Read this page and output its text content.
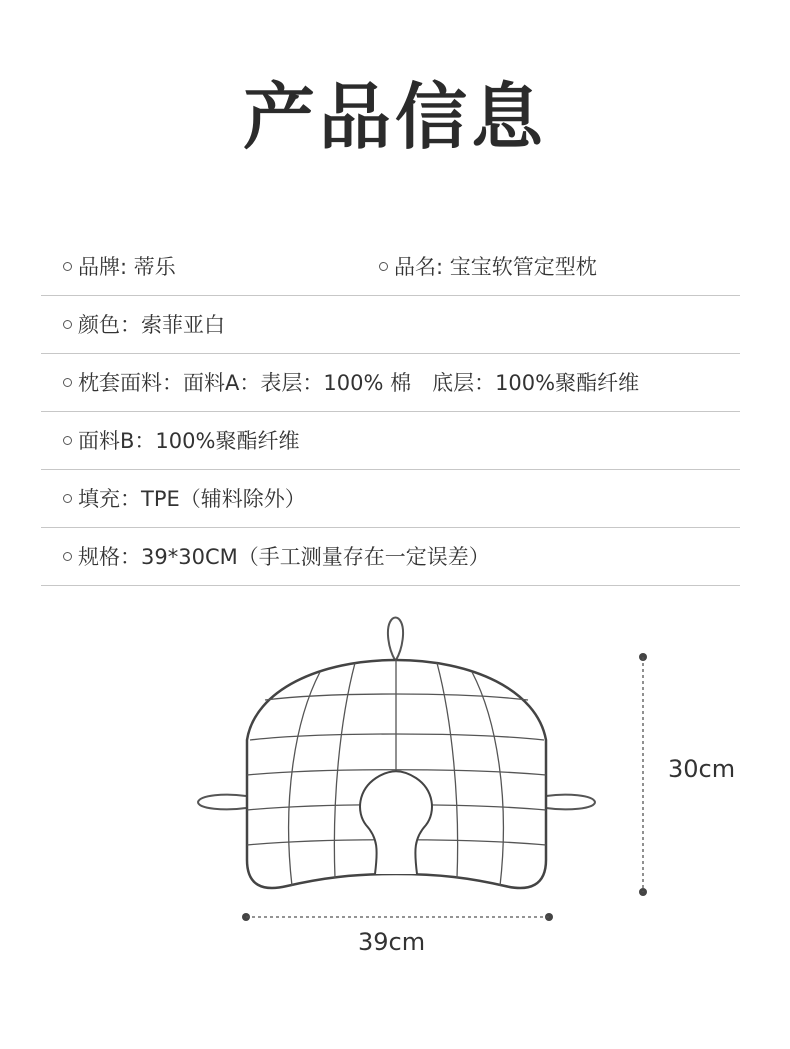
产品信息
品牌: 蒂乐	品名: 宝宝软管定型枕
颜色：索菲亚白
枕套面料：面料A：表层：100% 棉　底层：100%聚酯纤维
面料B：100%聚酯纤维
填充：TPE（辅料除外）
规格：39*30CM（手工测量存在一定误差）
30cm
39cm
